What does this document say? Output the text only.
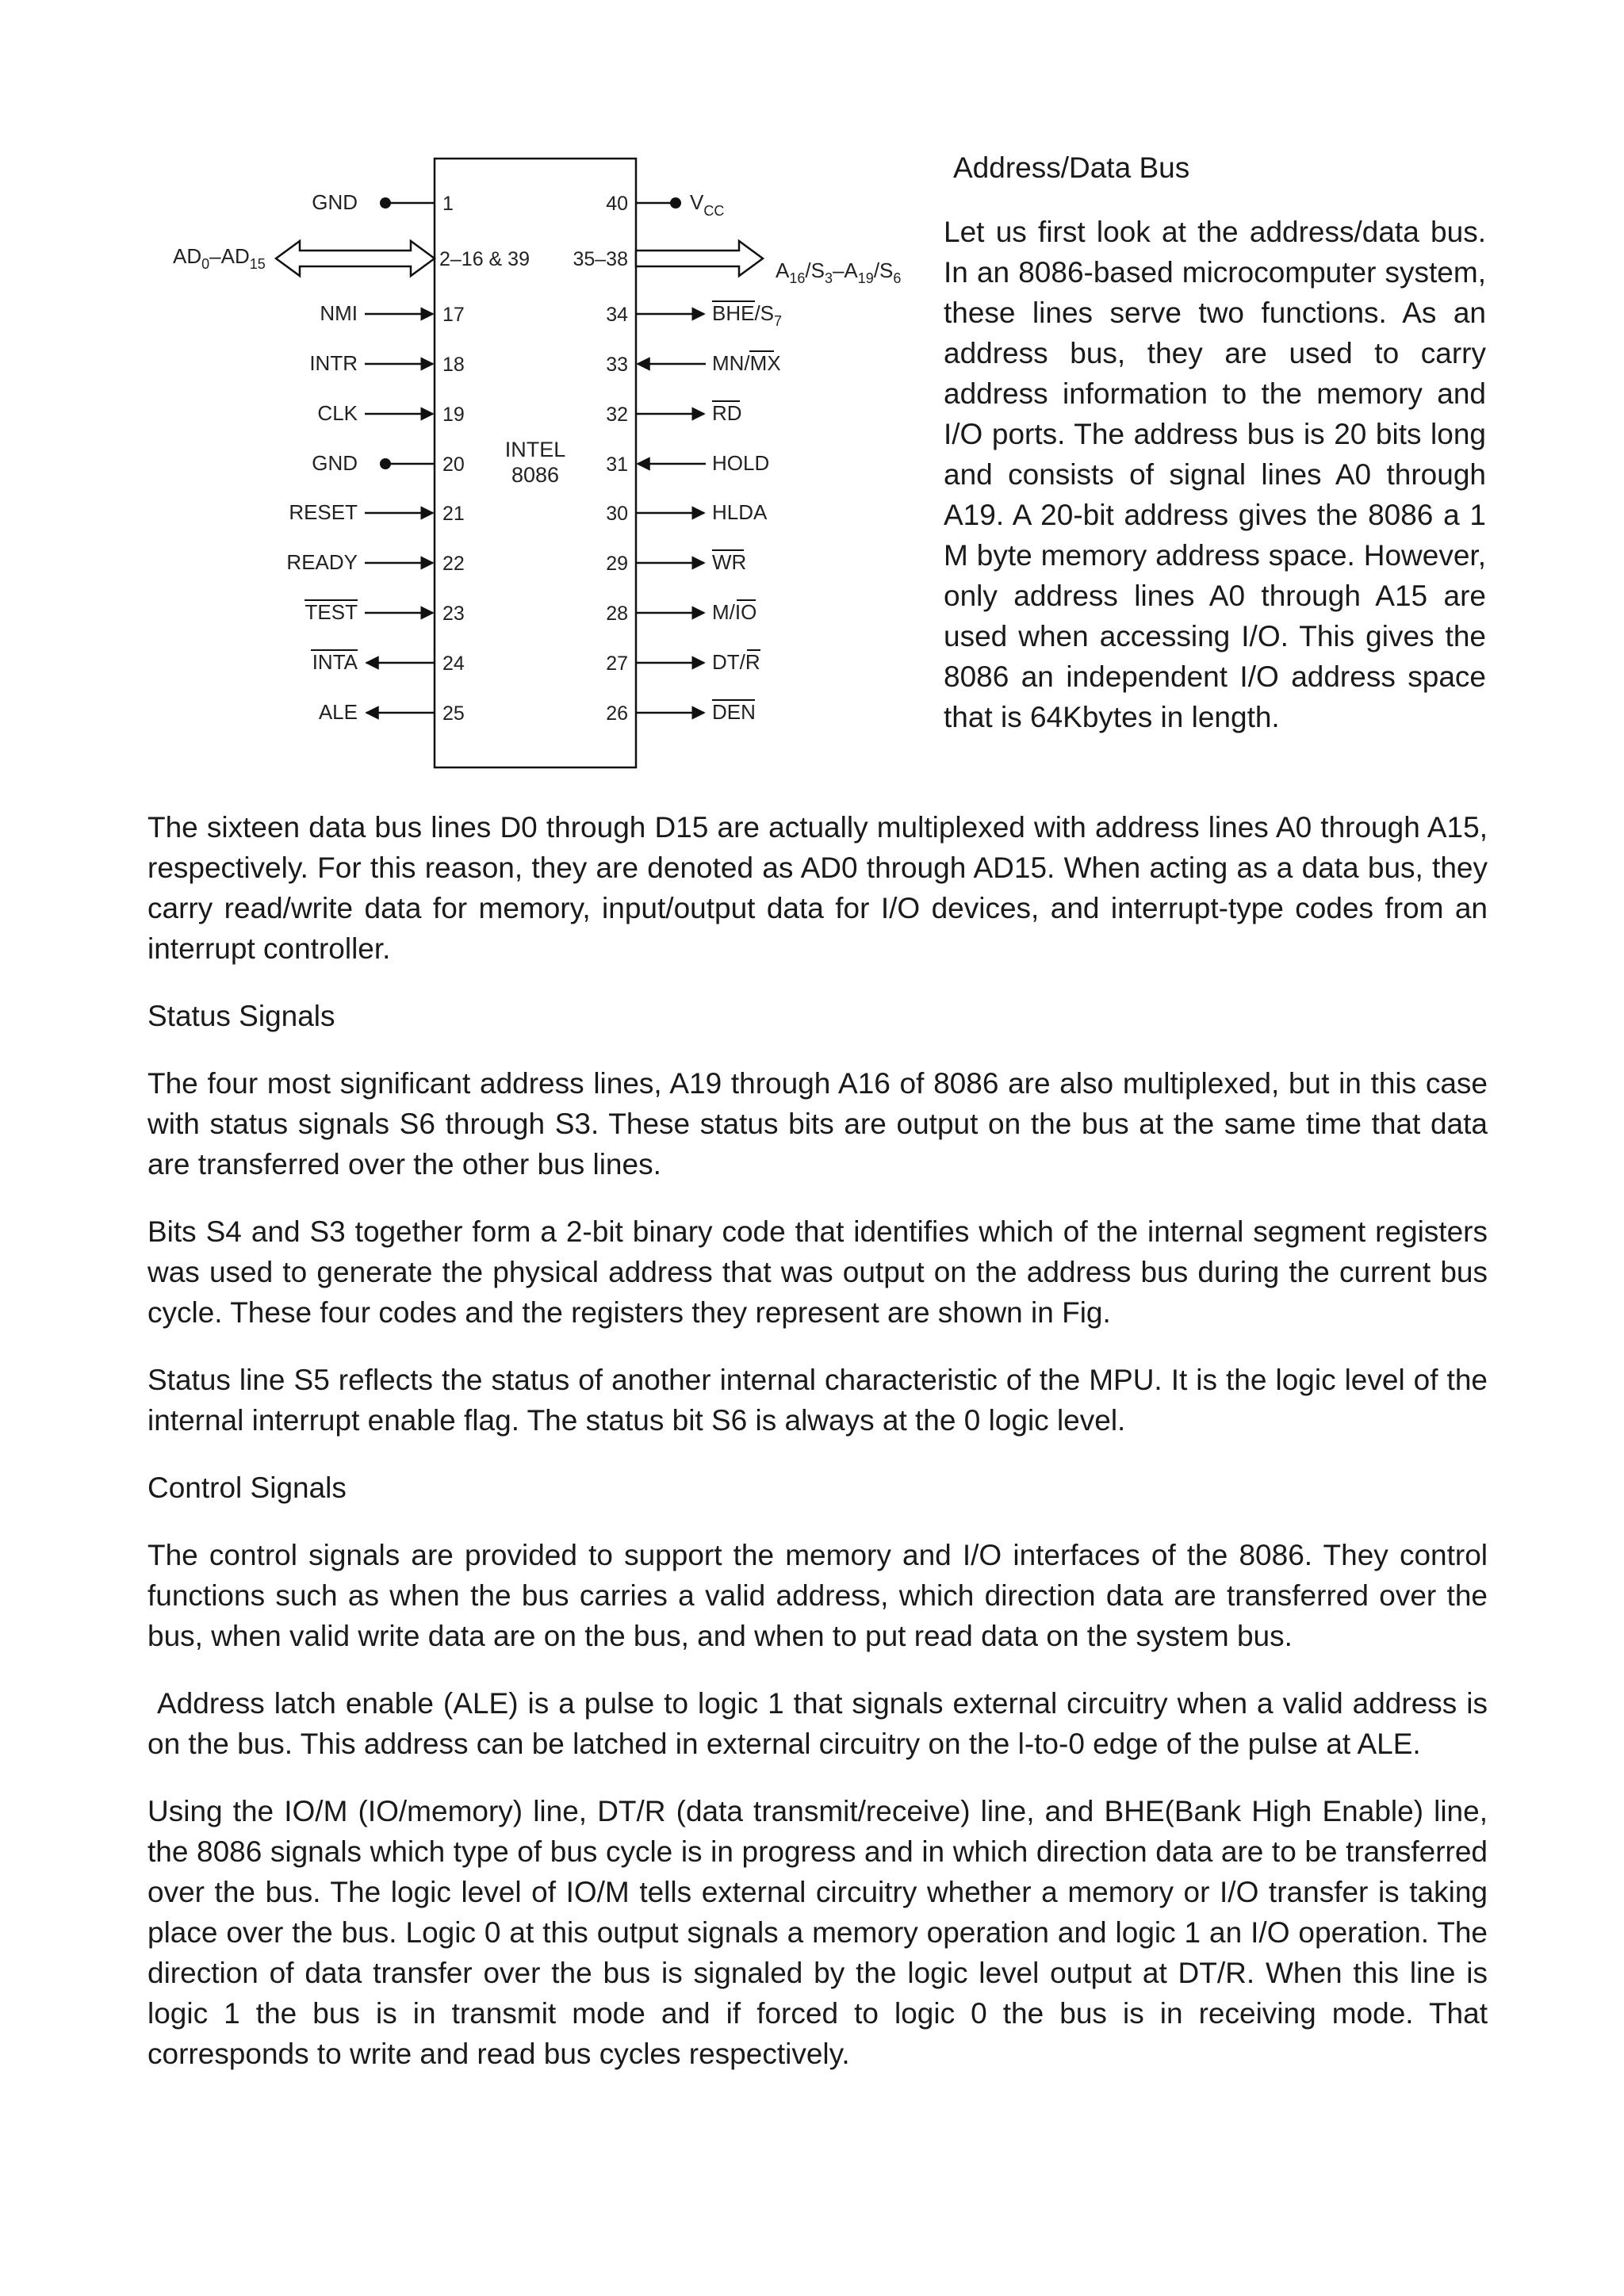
INTEL
8086
GND	1
$AD_0-AD_{15}$	2–16 & 39
NMI	17
INTR	18
CLK	19
GND	20
RESET	21
READY	22
TEST	23
INTA	24
ALE	25
40	$V_{CC}$
35–38	$A_{16}/S_3-A_{19}/S_6$
34	BHE/$S_7$
33	MN/MX
32	RD
31	HOLD
30	HLDA
29	WR
28	M/IO
27	DT/R
26	DEN

Address/Data Bus

Let us first look at the address/data bus. In an 8086-based microcomputer system, these lines serve two functions. As an address bus, they are used to carry address information to the memory and I/O ports. The address bus is 20 bits long and consists of signal lines A0 through A19. A 20-bit address gives the 8086 a 1 M byte memory address space. However, only address lines A0 through A15 are used when accessing I/O. This gives the 8086 an independent I/O address space that is 64Kbytes in length.

The sixteen data bus lines D0 through D15 are actually multiplexed with address lines A0 through A15, respectively. For this reason, they are denoted as AD0 through AD15. When acting as a data bus, they carry read/write data for memory, input/output data for I/O devices, and interrupt-type codes from an interrupt controller.

Status Signals

The four most significant address lines, A19 through A16 of 8086 are also multiplexed, but in this case with status signals S6 through S3. These status bits are output on the bus at the same time that data are transferred over the other bus lines.

Bits S4 and S3 together form a 2-bit binary code that identifies which of the internal segment registers was used to generate the physical address that was output on the address bus during the current bus cycle. These four codes and the registers they represent are shown in Fig.

Status line S5 reflects the status of another internal characteristic of the MPU. It is the logic level of the internal interrupt enable flag. The status bit S6 is always at the 0 logic level.

Control Signals

The control signals are provided to support the memory and I/O interfaces of the 8086. They control functions such as when the bus carries a valid address, which direction data are transferred over the bus, when valid write data are on the bus, and when to put read data on the system bus.

Address latch enable (ALE) is a pulse to logic 1 that signals external circuitry when a valid address is on the bus. This address can be latched in external circuitry on the l-to-0 edge of the pulse at ALE.

Using the IO/M (IO/memory) line, DT/R (data transmit/receive) line, and BHE(Bank High Enable) line, the 8086 signals which type of bus cycle is in progress and in which direction data are to be transferred over the bus. The logic level of IO/M tells external circuitry whether a memory or I/O transfer is taking place over the bus. Logic 0 at this output signals a memory operation and logic 1 an I/O operation. The direction of data transfer over the bus is signaled by the logic level output at DT/R. When this line is logic 1 the bus is in transmit mode and if forced to logic 0 the bus is in receiving mode. That corresponds to write and read bus cycles respectively.
